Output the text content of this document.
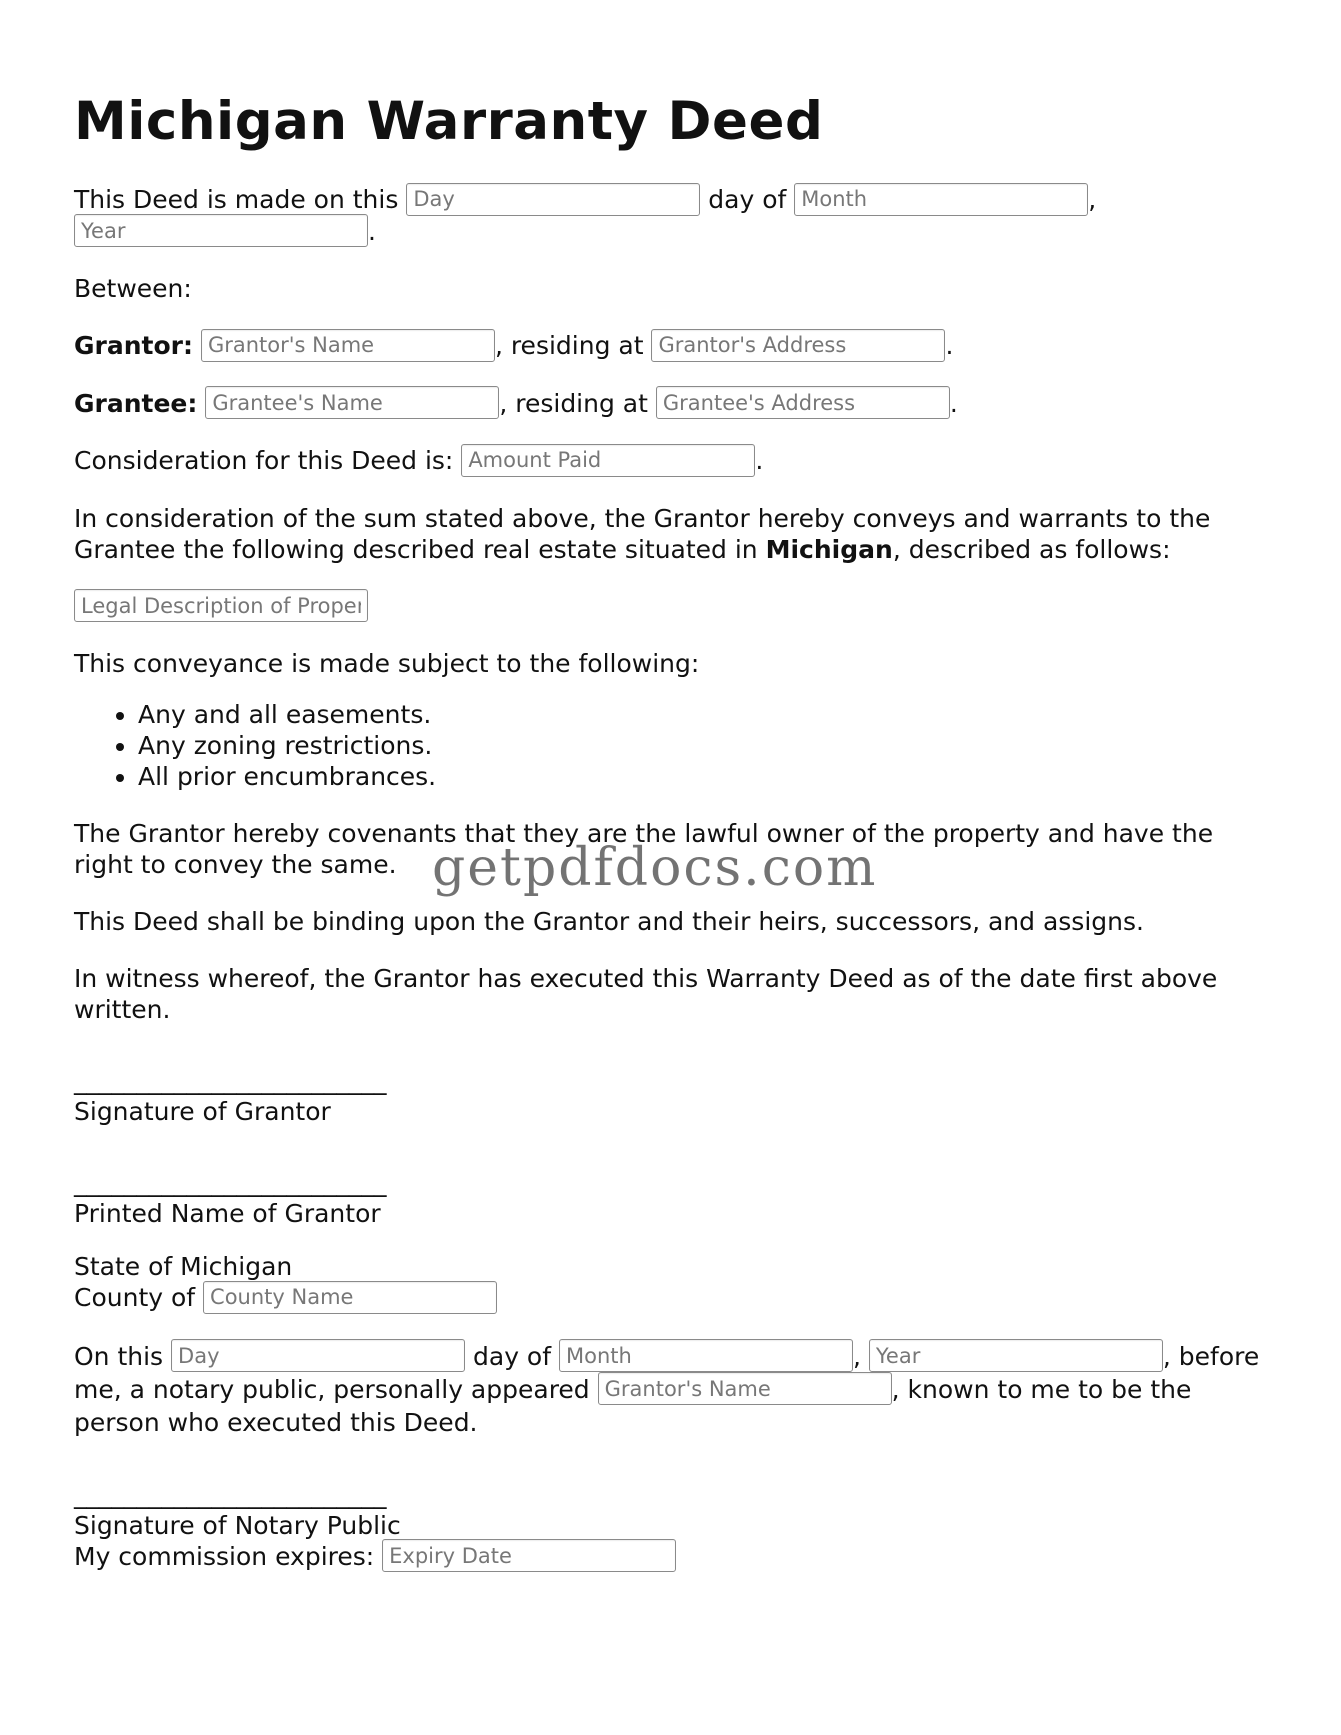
Michigan Warranty Deed

This Deed is made on this Day	day of Month	, Year.

Between:

Grantor: Grantor's Name	, residing at Grantor's Address	.

Grantee: Grantee's Name	, residing at Grantee's Address	.

Consideration for this Deed is: Amount Paid	.

In consideration of the sum stated above, the Grantor hereby conveys and warrants to the Grantee the following described real estate situated in Michigan, described as follows:

Legal Description of Property

This conveyance is made subject to the following:

• Any and all easements.
• Any zoning restrictions.
• All prior encumbrances.

The Grantor hereby covenants that they are the lawful owner of the property and have the right to convey the same.

This Deed shall be binding upon the Grantor and their heirs, successors, and assigns.

In witness whereof, the Grantor has executed this Warranty Deed as of the date first above written.

_________________________
Signature of Grantor
_________________________
Printed Name of Grantor
State of Michigan

County of County Name

On this Day	day of Month	, Year	, before me, a notary public, personally appeared Grantor's Name	, known to me to be the person who executed this Deed.

_________________________
Signature of Notary Public
My commission expires: Expiry Date
getpdfdocs.com
